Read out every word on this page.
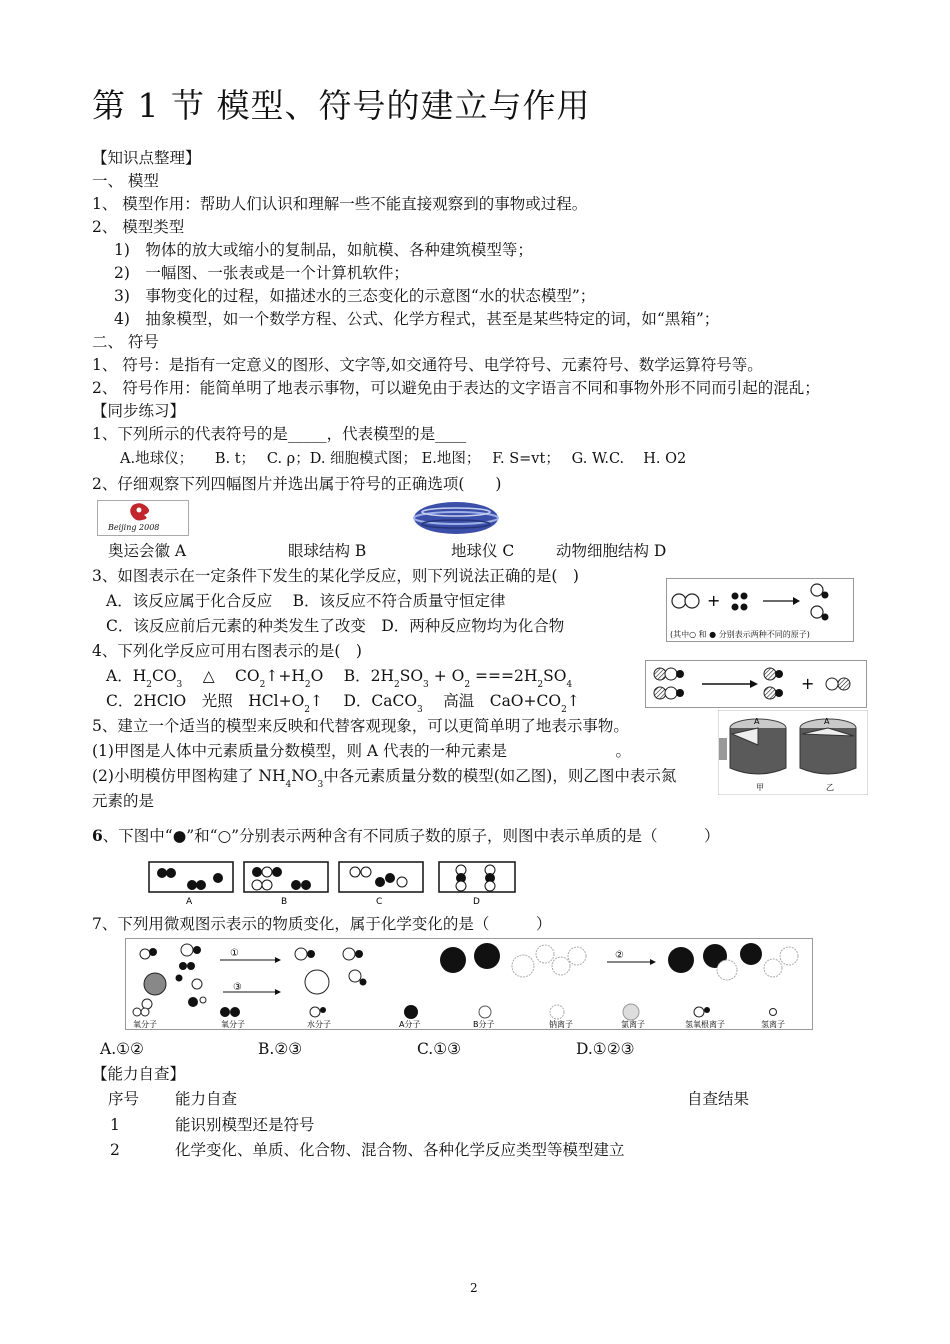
第 1 节 模型、符号的建立与作用
【知识点整理】
一、 模型
1、 模型作用：帮助人们认识和理解一些不能直接观察到的事物或过程。
2、 模型类型
1)　物体的放大或缩小的复制品，如航模、各种建筑模型等；
2)　一幅图、一张表或是一个计算机软件；
3)　事物变化的过程，如描述水的三态变化的示意图“水的状态模型”；
4)　抽象模型，如一个数学方程、公式、化学方程式，甚至是某些特定的词，如“黑箱”；
二、 符号
1、 符号：是指有一定意义的图形、文字等,如交通符号、电学符号、元素符号、数学运算符号等。
2、 符号作用：能简单明了地表示事物，可以避免由于表达的文字语言不同和事物外形不同而引起的混乱；
【同步练习】
1、下列所示的代表符号的是_____，代表模型的是____
A.地球仪；　　B. t；　 C. ρ；D. 细胞模式图； E.地图；　 F. S=vt；　 G. W.C.　 H. O2
2、仔细观察下列四幅图片并选出属于符号的正确选项(　　)
Beijing 2008
奥运会徽 A	眼球结构 B	地球仪 C	动物细胞结构 D
3、如图表示在一定条件下发生的某化学反应，则下列说法正确的是(　)
A．该反应属于化合反应　 B．该反应不符合质量守恒定律
C．该反应前后元素的种类发生了改变　D．两种反应物均为化合物
+
(其中○ 和 ● 分别表示两种不同的原子)
4、下列化学反应可用右图表示的是(　)
A．$H_2CO_3$　 △　 $CO_2↑+H_2O$　 B．$2H_2SO_3 + O_2 ===2H_2SO_4$
C．2HClO　光照　$HCl+O_2↑$　 D．CaCO$_3$　 高温　$CaO+CO_2↑$
+
5、建立一个适当的模型来反映和代替客观现象，可以更简单明了地表示事物。
(1)甲图是人体中元素质量分数模型，则 A 代表的一种元素是　　　　　　　。
(2)小明模仿甲图构建了 $NH_4NO_3$中各元素质量分数的模型(如乙图)，则乙图中表示氮
元素的是
A
甲
A
乙
6、下图中“●”和“○”分别表示两种含有不同质子数的原子，则图中表示单质的是（　　　）
A	B	C	D
7、下列用微观图示表示的物质变化，属于化学变化的是（　　　）
①
③
②
氧分子	氧分子	水分子	A分子	B分子	钠离子	氯离子	氢氧根离子	氢离子
A.①②	B.②③	C.①③	D.①②③
【能力自查】
序号 能力自查	自查结果
1	能识别模型还是符号
2	化学变化、单质、化合物、混合物、各种化学反应类型等模型建立
2
